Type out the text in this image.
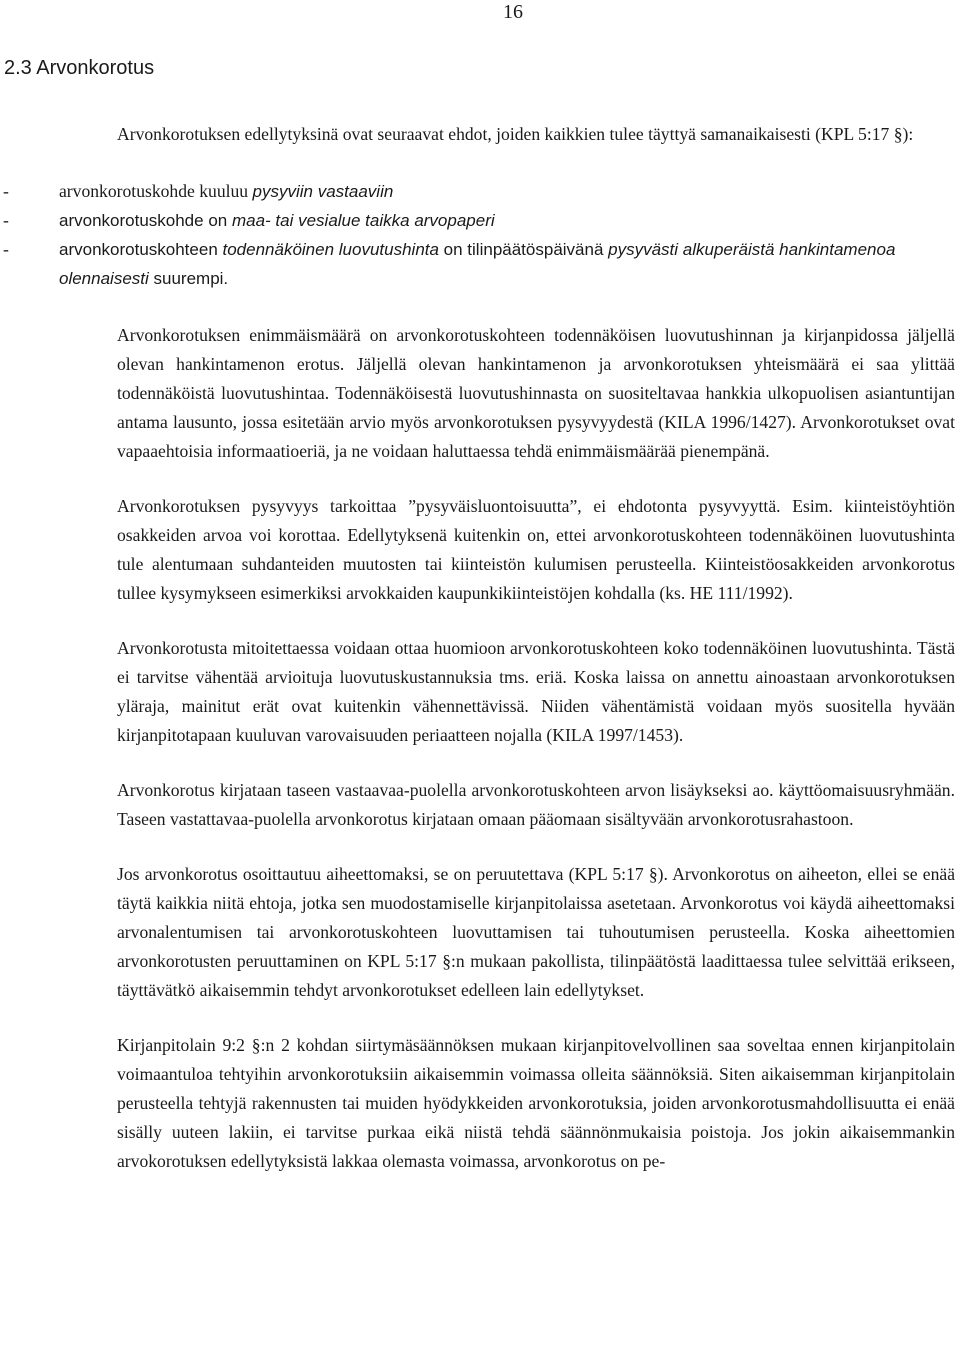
16
2.3 Arvonkorotus

Arvonkorotuksen edellytyksinä ovat seuraavat ehdot, joiden kaikkien tulee täyttyä samanaikaisesti (KPL 5:17 §):

-	arvonkorotuskohde kuuluu pysyviin vastaaviin
-	arvonkorotuskohde on maa- tai vesialue taikka arvopaperi
-	arvonkorotuskohteen todennäköinen luovutushinta on tilinpäätöspäivänä pysyvästi alkuperäistä hankintamenoa olennaisesti suurempi.

Arvonkorotuksen enimmäismäärä on arvonkorotuskohteen todennäköisen luovutushinnan ja kirjanpidossa jäljellä olevan hankintamenon erotus. Jäljellä olevan hankintamenon ja arvonkorotuksen yhteismäärä ei saa ylittää todennäköistä luovutushintaa. Todennäköisestä luovutushinnasta on suositeltavaa hankkia ulkopuolisen asiantuntijan antama lausunto, jossa esitetään arvio myös arvonkorotuksen pysyvyydestä (KILA 1996/1427). Arvonkorotukset ovat vapaaehtoisia informaatioeriä, ja ne voidaan haluttaessa tehdä enimmäismäärää pienempänä.

Arvonkorotuksen pysyvyys tarkoittaa ”pysyväisluontoisuutta”, ei ehdotonta pysyvyyttä. Esim. kiinteistöyhtiön osakkeiden arvoa voi korottaa. Edellytyksenä kuitenkin on, ettei arvonkorotuskohteen todennäköinen luovutushinta tule alentumaan suhdanteiden muutosten tai kiinteistön kulumisen perusteella. Kiinteistöosakkeiden arvonkorotus tullee kysymykseen esimerkiksi arvokkaiden kaupunkikiinteistöjen kohdalla (ks. HE 111/1992).

Arvonkorotusta mitoitettaessa voidaan ottaa huomioon arvonkorotuskohteen koko todennäköinen luovutushinta. Tästä ei tarvitse vähentää arvioituja luovutuskustannuksia tms. eriä. Koska laissa on annettu ainoastaan arvonkorotuksen yläraja, mainitut erät ovat kuitenkin vähennettävissä. Niiden vähentämistä voidaan myös suositella hyvään kirjanpitotapaan kuuluvan varovaisuuden periaatteen nojalla (KILA 1997/1453).

Arvonkorotus kirjataan taseen vastaavaa-puolella arvonkorotuskohteen arvon lisäykseksi ao. käyttöomaisuusryhmään. Taseen vastattavaa-puolella arvonkorotus kirjataan omaan pääomaan sisältyvään arvonkorotusrahastoon.

Jos arvonkorotus osoittautuu aiheettomaksi, se on peruutettava (KPL 5:17 §). Arvonkorotus on aiheeton, ellei se enää täytä kaikkia niitä ehtoja, jotka sen muodostamiselle kirjanpitolaissa asetetaan. Arvonkorotus voi käydä aiheettomaksi arvonalentumisen tai arvonkorotuskohteen luovuttamisen tai tuhoutumisen perusteella. Koska aiheettomien arvonkorotusten peruuttaminen on KPL 5:17 §:n mukaan pakollista, tilinpäätöstä laadittaessa tulee selvittää erikseen, täyttävätkö aikaisemmin tehdyt arvonkorotukset edelleen lain edellytykset.

Kirjanpitolain 9:2 §:n 2 kohdan siirtymäsäännöksen mukaan kirjanpitovelvollinen saa soveltaa ennen kirjanpitolain voimaantuloa tehtyihin arvonkorotuksiin aikaisemmin voimassa olleita säännöksiä. Siten aikaisemman kirjanpitolain perusteella tehtyjä rakennusten tai muiden hyödykkeiden arvonkorotuksia, joiden arvonkorotusmahdollisuutta ei enää sisälly uuteen lakiin, ei tarvitse purkaa eikä niistä tehdä säännönmukaisia poistoja. Jos jokin aikaisemmankin arvokorotuksen edellytyksistä lakkaa olemasta voimassa, arvonkorotus on pe-
